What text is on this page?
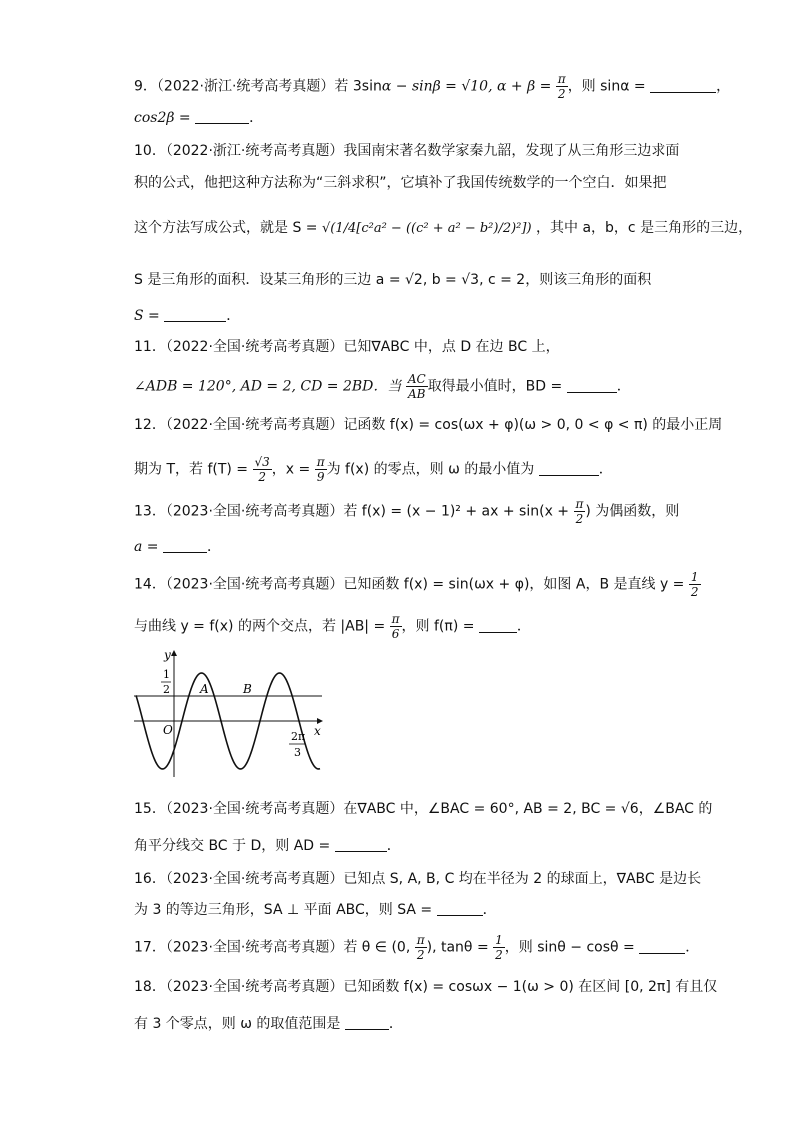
9．（2022·浙江·统考高考真题）若 3sinα − sinβ = √10, $\alpha + \beta = \frac{\pi}{2}$ ，则 sinα =	，
cos2β =	．
10．（2022·浙江·统考高考真题）我国南宋著名数学家秦九韶，发现了从三角形三边求面
积的公式，他把这种方法称为“三斜求积”，它填补了我国传统数学的一个空白．如果把
这个方法写成公式，就是 S = √(1/4[c²a² − ((c² + a² − b²)/2)²]) ，其中 a，b，c 是三角形的三边，
S 是三角形的面积．设某三角形的三边 a = √2, b = √3, c = 2，则该三角形的面积
S =	．
11．（2022·全国·统考高考真题）已知∇ABC 中，点 D 在边 BC 上，
∠ADB = 120°, AD = 2, CD = 2BD．当 $\frac{AC}{AB}$ 取得最小值时，BD =	．
12．（2022·全国·统考高考真题）记函数 f(x) = cos(ωx + φ)(ω > 0, 0 < φ < π) 的最小正周
期为 T，若 $f(T) = \frac{√3}{2}$ ，$x = \frac{\pi}{9}$ 为 f(x) 的零点，则 ω 的最小值为	．
13．（2023·全国·统考高考真题）若 f(x) = (x − 1)² + ax + $\sin(x + \frac{\pi}{2}$ ) 为偶函数，则
a =	．
14．（2023·全国·统考高考真题）已知函数 f(x) = sin(ωx + φ)，如图 A，B 是直线 $y = \frac{1}{2}$
与曲线 y = f(x) 的两个交点，若 $|AB| = \frac{\pi}{6}$ ，则 f(π) =	．
y
x
O
1
2	A	B
2π
3
15．（2023·全国·统考高考真题）在∇ABC 中，∠BAC = 60°, AB = 2, BC = √6，∠BAC 的
角平分线交 BC 于 D，则 AD =	．
16．（2023·全国·统考高考真题）已知点 S, A, B, C 均在半径为 2 的球面上，∇ABC 是边长
为 3 的等边三角形，SA ⊥ 平面 ABC，则 SA =	．
17．（2023·全国·统考高考真题）若 θ ∈ (0, $\frac{\pi}{2}$ ), $\tan\theta = \frac{1}{2}$ ，则 sinθ − cosθ =	．
18．（2023·全国·统考高考真题）已知函数 f(x) = cosωx − 1(ω > 0) 在区间 [0, 2π] 有且仅
有 3 个零点，则 ω 的取值范围是	．
